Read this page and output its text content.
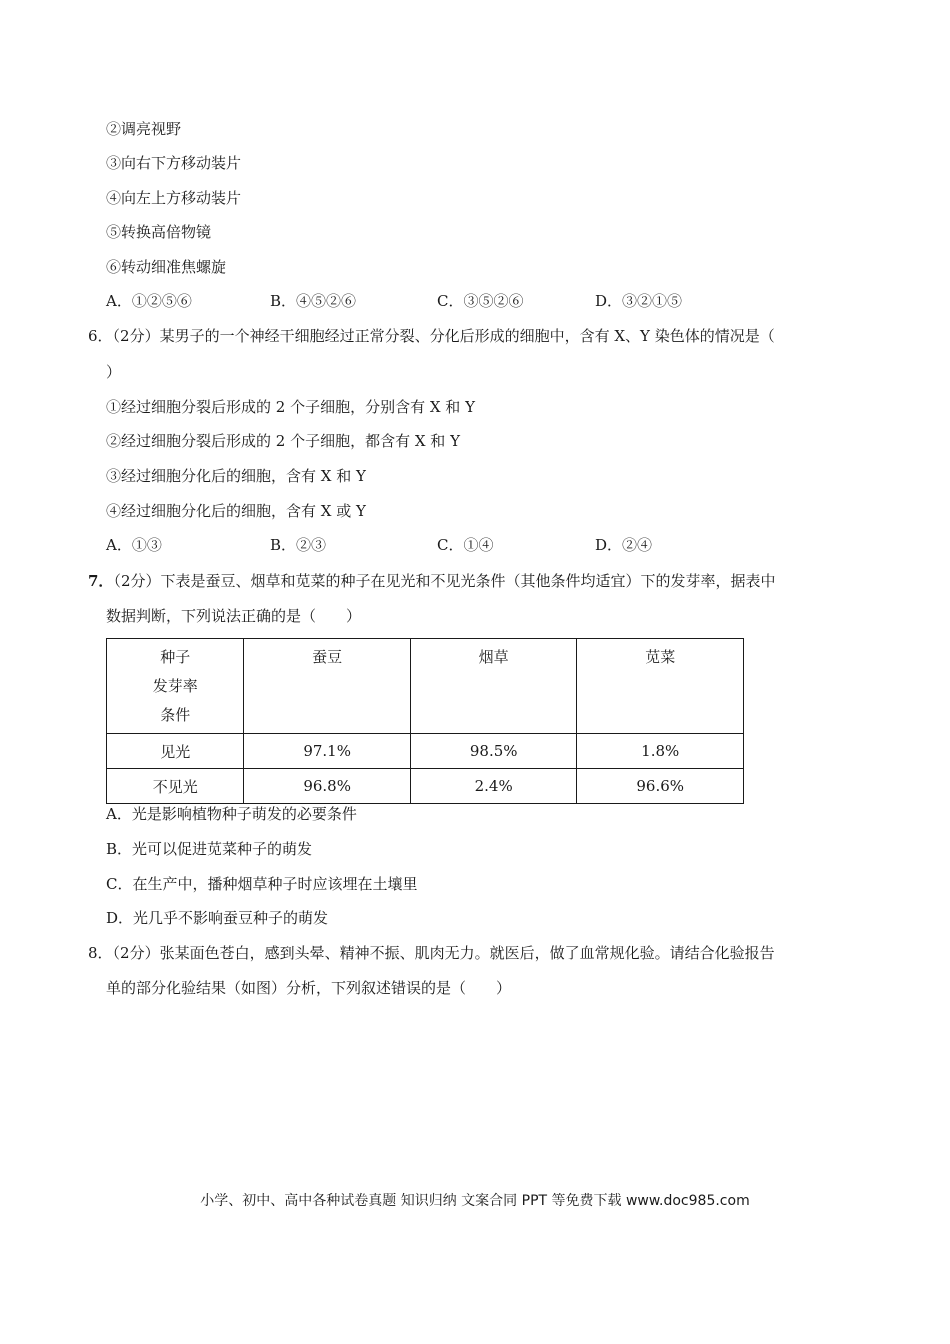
②调亮视野
③向右下方移动装片
④向左上方移动装片
⑤转换高倍物镜
⑥转动细准焦螺旋
A．①②⑤⑥	B．④⑤②⑥	C．③⑤②⑥	D．③②①⑤
6．（2分）某男子的一个神经干细胞经过正常分裂、分化后形成的细胞中，含有 X、Y 染色体的情况是（
）
①经过细胞分裂后形成的 2 个子细胞，分别含有 X 和 Y
②经过细胞分裂后形成的 2 个子细胞，都含有 X 和 Y
③经过细胞分化后的细胞，含有 X 和 Y
④经过细胞分化后的细胞，含有 X 或 Y
A．①③	B．②③	C．①④	D．②④
7．（2分）下表是蚕豆、烟草和苋菜的种子在见光和不见光条件（其他条件均适宜）下的发芽率，据表中
数据判断，下列说法正确的是（　　）
种子
发芽率
条件	蚕豆	烟草	苋菜

见光	97.1%	98.5%	1.8%
不见光	96.8%	2.4%	96.6%
A．光是影响植物种子萌发的必要条件
B．光可以促进苋菜种子的萌发
C．在生产中，播种烟草种子时应该埋在土壤里
D．光几乎不影响蚕豆种子的萌发
8．（2分）张某面色苍白，感到头晕、精神不振、肌肉无力。就医后，做了血常规化验。请结合化验报告
单的部分化验结果（如图）分析，下列叙述错误的是（　　）
小学、初中、高中各种试卷真题 知识归纳 文案合同 PPT 等免费下载 www.doc985.com
